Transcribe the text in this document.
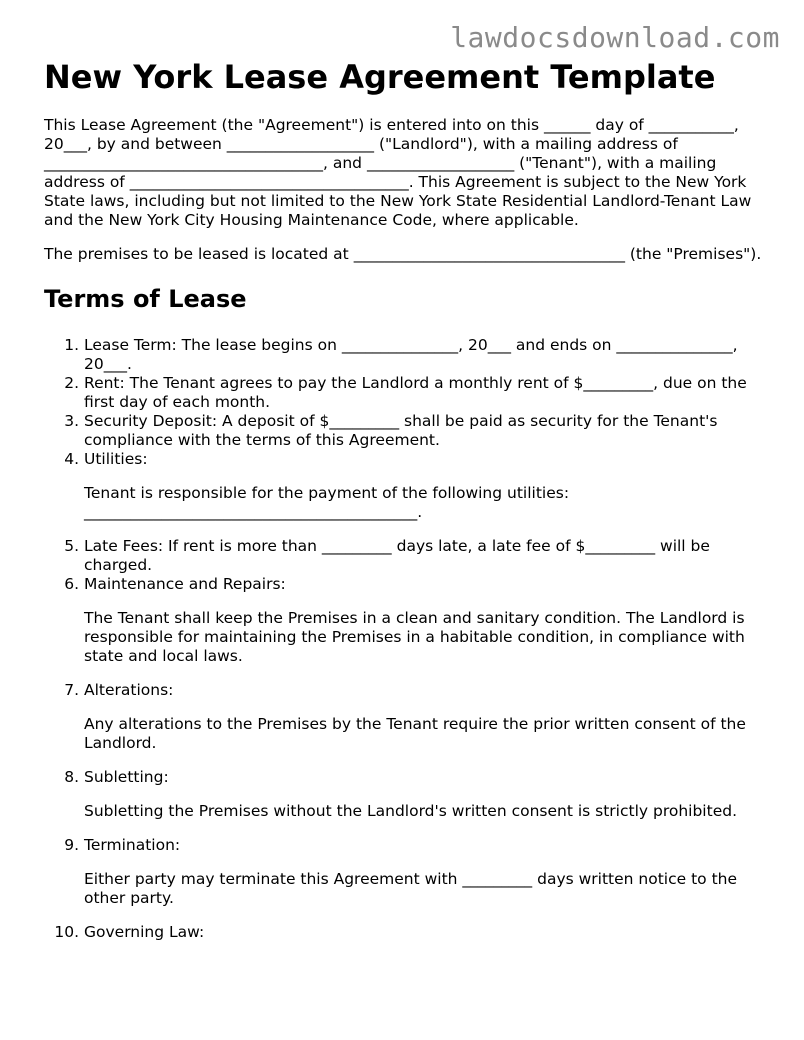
lawdocsdownload.com
New York Lease Agreement Template

This Lease Agreement (the "Agreement") is entered into on this ______ day of ___________, 20___, by and between ___________________ ("Landlord"), with a mailing address of ____________________________________, and ___________________ ("Tenant"), with a mailing address of ____________________________________. This Agreement is subject to the New York State laws, including but not limited to the New York State Residential Landlord-Tenant Law and the New York City Housing Maintenance Code, where applicable.

The premises to be leased is located at ___________________________________ (the "Premises").

Terms of Lease
1. Lease Term: The lease begins on _______________, 20___ and ends on _______________, 20___.
2. Rent: The Tenant agrees to pay the Landlord a monthly rent of $_________, due on the first day of each month.
3. Security Deposit: A deposit of $_________ shall be paid as security for the Tenant's compliance with the terms of this Agreement.
4. Utilities:

Tenant is responsible for the payment of the following utilities: ___________________________________________.

5. Late Fees: If rent is more than _________ days late, a late fee of $_________ will be charged.
6. Maintenance and Repairs:

The Tenant shall keep the Premises in a clean and sanitary condition. The Landlord is responsible for maintaining the Premises in a habitable condition, in compliance with state and local laws.

7. Alterations:

Any alterations to the Premises by the Tenant require the prior written consent of the Landlord.

8. Subletting:

Subletting the Premises without the Landlord's written consent is strictly prohibited.

9. Termination:

Either party may terminate this Agreement with _________ days written notice to the other party.

10. Governing Law:
